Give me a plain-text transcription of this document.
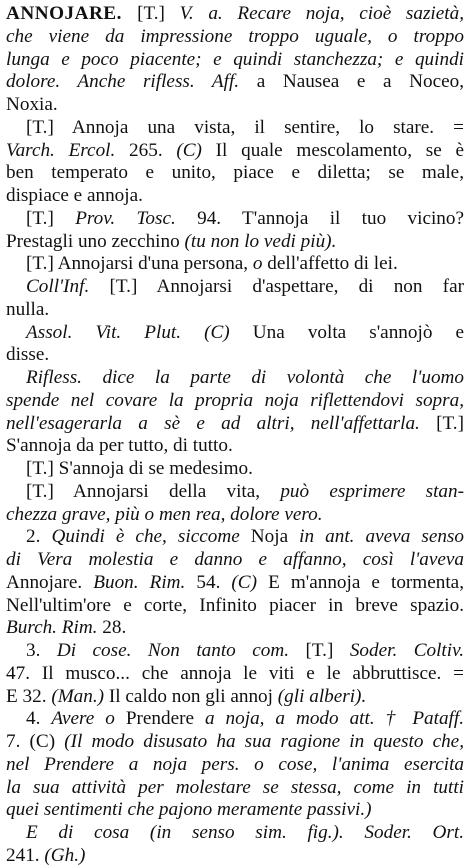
ANNOJARE. [T.] V. a. Recare noja, cioè sazietà,
che viene da impressione troppo uguale, o troppo
lunga e poco piacente; e quindi stanchezza; e quindi
dolore. Anche rifless. Aff. a Nausea e a Noceo,
Noxia.
[T.] Annoja una vista, il sentire, lo stare. =
Varch. Ercol. 265. (C) Il quale mescolamento, se è
ben temperato e unito, piace e diletta; se male,
dispiace e annoja.
[T.] Prov. Tosc. 94. T'annoja il tuo vicino?
Prestagli uno zecchino (tu non lo vedi più).
[T.] Annojarsi d'una persona, o dell'affetto di lei.
Coll'Inf. [T.] Annojarsi d'aspettare, di non far
nulla.
Assol. Vit. Plut. (C) Una volta s'annojò e
disse.
Rifless. dice la parte di volontà che l'uomo
spende nel covare la propria noja riflettendovi sopra,
nell'esagerarla a sè e ad altri, nell'affettarla. [T.]
S'annoja da per tutto, di tutto.
[T.] S'annoja di se medesimo.
[T.] Annojarsi della vita, può esprimere stan-
chezza grave, più o men rea, dolore vero.
2. Quindi è che, siccome Noja in ant. aveva senso
di Vera molestia e danno e affanno, così l'aveva
Annojare. Buon. Rim. 54. (C) E m'annoja e tormenta,
Nell'ultim'ore e corte, Infinito piacer in breve spazio.
Burch. Rim. 28.
3. Di cose. Non tanto com. [T.] Soder. Coltiv.
47. Il musco... che annoja le viti e le abbruttisce. =
E 32. (Man.) Il caldo non gli annoj (gli alberi).
4. Avere o Prendere a noja, a modo att. † Pataff.
7. (C) (Il modo disusato ha sua ragione in questo che,
nel Prendere a noja pers. o cose, l'anima esercita
la sua attività per molestare se stessa, come in tutti
quei sentimenti che pajono meramente passivi.)
E di cosa (in senso sim. fig.). Soder. Ort.
241. (Gh.)
